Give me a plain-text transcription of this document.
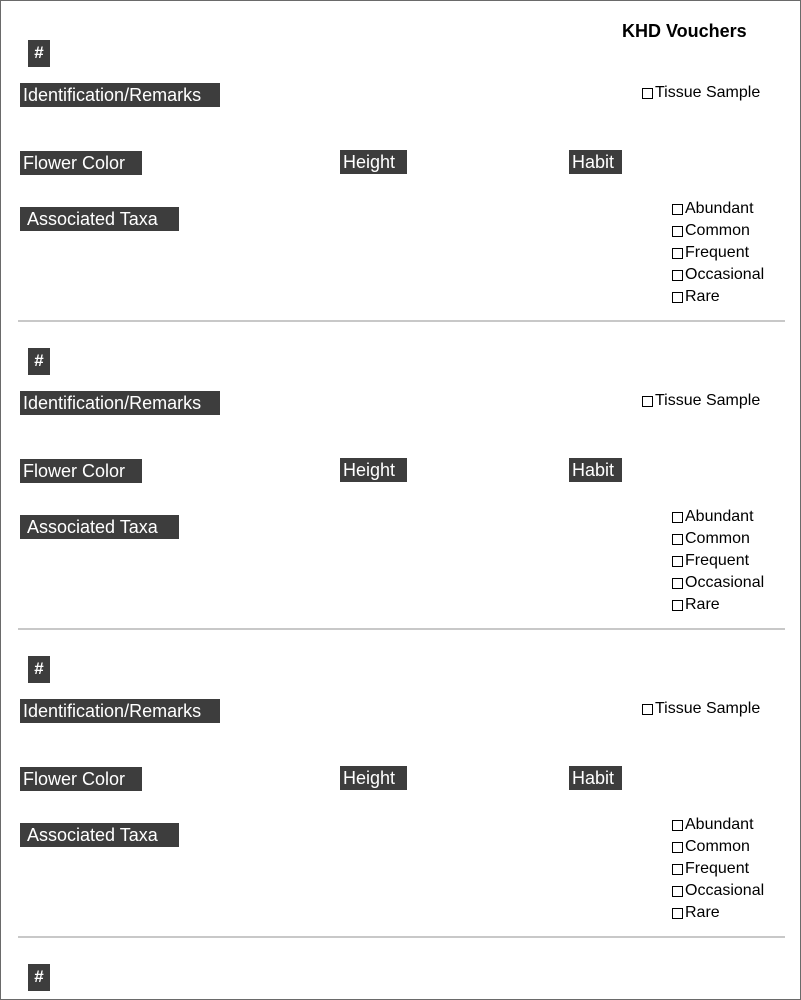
KHD Vouchers
#
Identification/Remarks	Tissue Sample
Flower Color	Height	Habit
Associated Taxa
Abundant
Common
Frequent
Occasional
Rare
#
Identification/Remarks	Tissue Sample
Flower Color	Height	Habit
Associated Taxa
Abundant
Common
Frequent
Occasional
Rare
#
Identification/Remarks	Tissue Sample
Flower Color	Height	Habit
Associated Taxa
Abundant
Common
Frequent
Occasional
Rare
#
